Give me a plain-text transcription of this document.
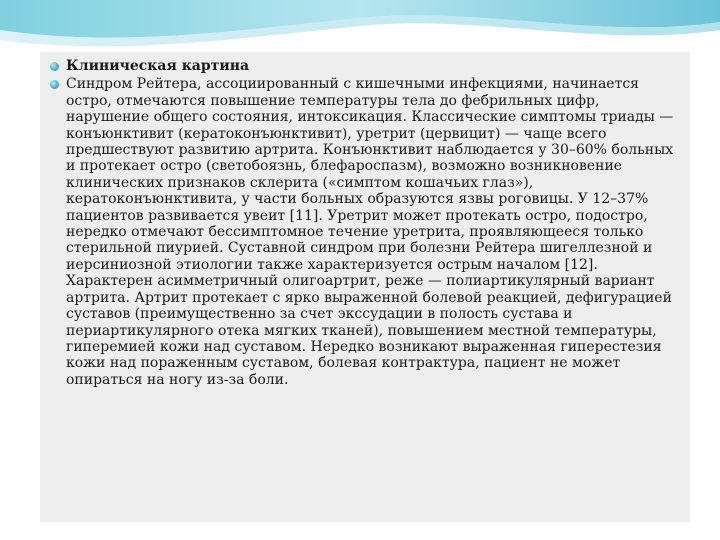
Клиническая картина
Синдром Рейтера, ассоциированный с кишечными инфекциями, начинается остро, отмечаются повышение температуры тела до фебрильных цифр, нарушение общего состояния, интоксикация. Классические симптомы триады — конъюнктивит (кератоконъюнктивит), уретрит (цервицит) — чаще всего предшествуют развитию артрита. Конъюнктивит наблюдается у 30–60% больных и протекает остро (светобоязнь, блефароспазм), возможно возникновение клинических признаков склерита («симптом кошачьих глаз»), кератоконъюнктивита, у части больных образуются язвы роговицы. У 12–37% пациентов развивается увеит [11]. Уретрит может протекать остро, подостро, нередко отмечают бессимптомное течение уретрита, проявляющееся только стерильной пиурией. Суставной синдром при болезни Рейтера шигеллезной и иерсиниозной этиологии также характеризуется острым началом [12]. Характерен асимметричный олигоартрит, реже — полиартикулярный вариант артрита. Артрит протекает с ярко выраженной болевой реакцией, дефигурацией суставов (преимущественно за счет экссудации в полость сустава и периартикулярного отека мягких тканей), повышением местной температуры, гиперемией кожи над суставом. Нередко возникают выраженная гиперестезия кожи над пораженным суставом, болевая контрактура, пациент не может опираться на ногу из-за боли.
